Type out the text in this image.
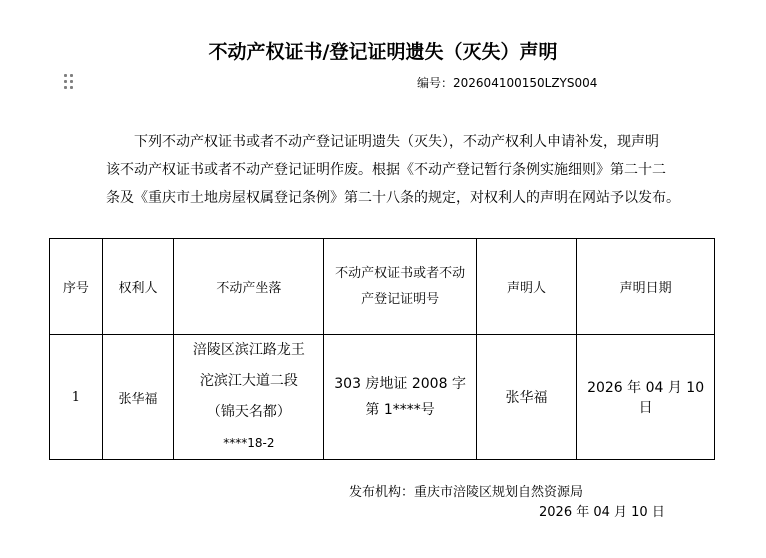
不动产权证书/登记证明遗失（灭失）声明
编号：202604100150LZYS004
下列不动产权证书或者不动产登记证明遗失（灭失），不动产权利人申请补发，现声明
该不动产权证书或者不动产登记证明作废。根据《不动产登记暂行条例实施细则》第二十二
条及《重庆市土地房屋权属登记条例》第二十八条的规定，对权利人的声明在网站予以发布。
序号	权利人	不动产坐落	不动产权证书或者不动
产登记证明号	声明人	声明日期
1	张华福	涪陵区滨江路龙王
沱滨江大道二段
（锦天名都）
****18-2	303 房地证 2008 字
第 1****号	张华福	2026 年 04 月 10 日
发布机构：重庆市涪陵区规划自然资源局
2026 年 04 月 10 日
